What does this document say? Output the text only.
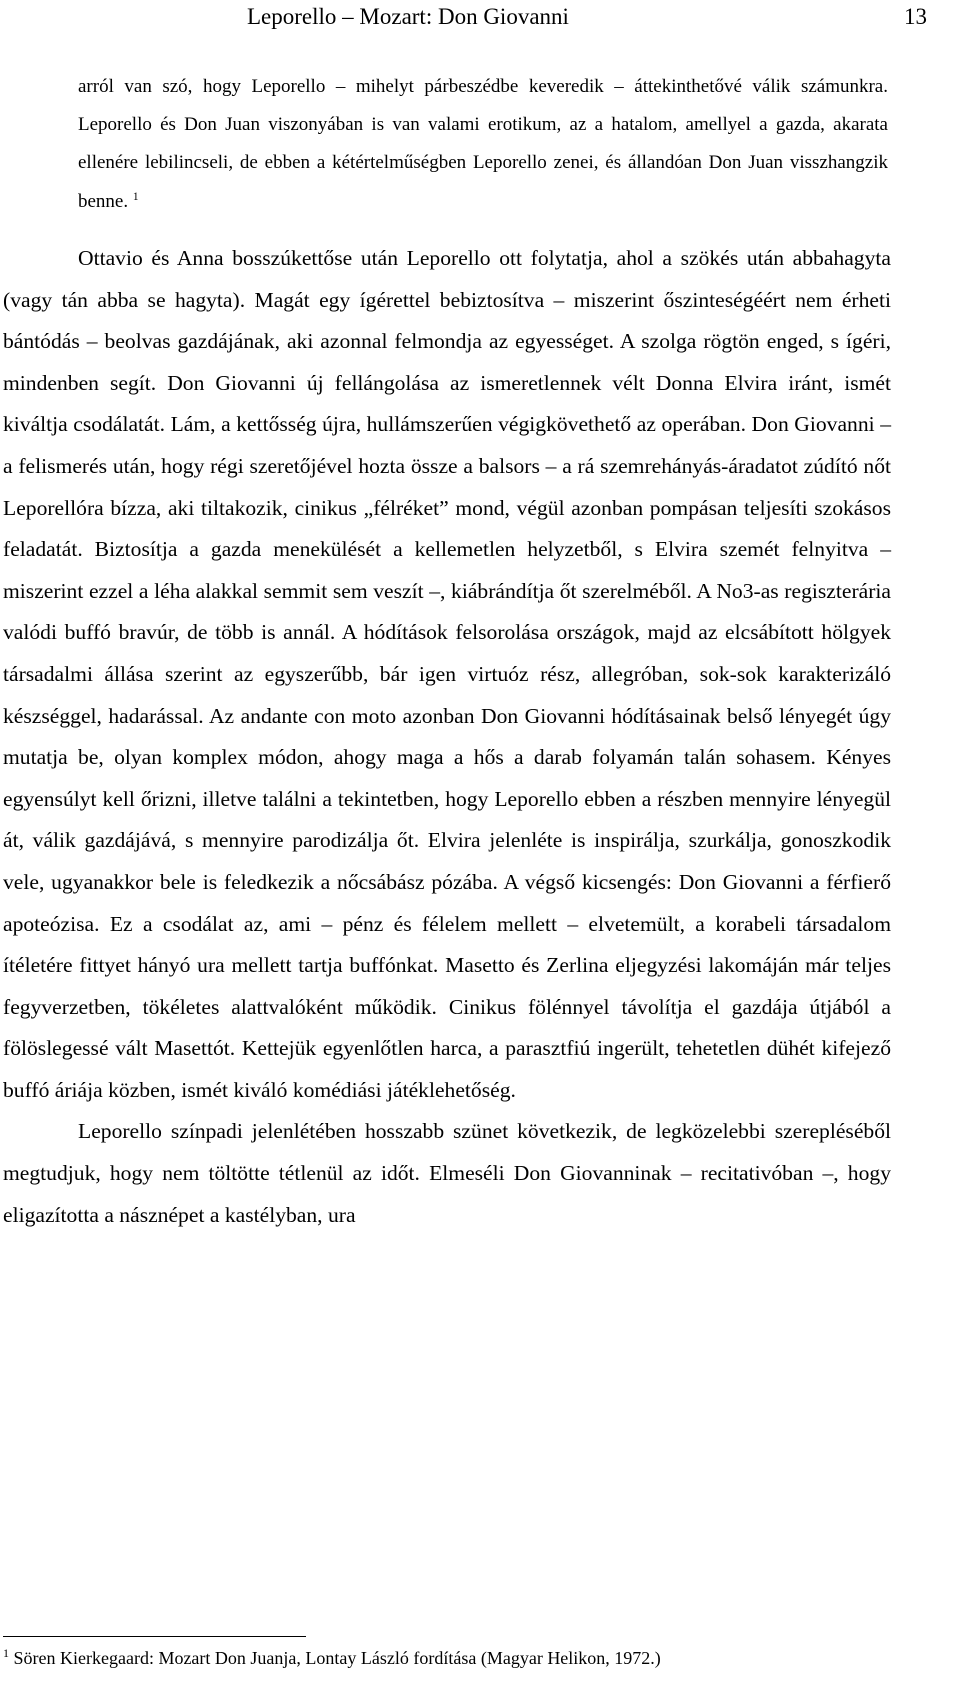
Leporello – Mozart: Don Giovanni	13
arról van szó, hogy Leporello – mihelyt párbeszédbe keveredik – áttekinthetővé válik számunkra. Leporello és Don Juan viszonyában is van valami erotikum, az a hatalom, amellyel a gazda, akarata ellenére lebilincseli, de ebben a kétértelműségben Leporello zenei, és állandóan Don Juan visszhangzik benne. $^1$

Ottavio és Anna bosszúkettőse után Leporello ott folytatja, ahol a szökés után abbahagyta (vagy tán abba se hagyta). Magát egy ígérettel bebiztosítva – miszerint őszinteségéért nem érheti bántódás – beolvas gazdájának, aki azonnal felmondja az egyességet. A szolga rögtön enged, s ígéri, mindenben segít. Don Giovanni új fellángolása az ismeretlennek vélt Donna Elvira iránt, ismét kiváltja csodálatát. Lám, a kettősség újra, hullámszerűen végigkövethető az operában. Don Giovanni – a felismerés után, hogy régi szeretőjével hozta össze a balsors – a rá szemrehányás-áradatot zúdító nőt Leporellóra bízza, aki tiltakozik, cinikus „félréket” mond, végül azonban pompásan teljesíti szokásos feladatát. Biztosítja a gazda menekülését a kellemetlen helyzetből, s Elvira szemét felnyitva – miszerint ezzel a léha alakkal semmit sem veszít –, kiábrándítja őt szerelméből. A No3-as regiszterária valódi buffó bravúr, de több is annál. A hódítások felsorolása országok, majd az elcsábított hölgyek társadalmi állása szerint az egyszerűbb, bár igen virtuóz rész, allegróban, sok-sok karakterizáló készséggel, hadarással. Az andante con moto azonban Don Giovanni hódításainak belső lényegét úgy mutatja be, olyan komplex módon, ahogy maga a hős a darab folyamán talán sohasem. Kényes egyensúlyt kell őrizni, illetve találni a tekintetben, hogy Leporello ebben a részben mennyire lényegül át, válik gazdájává, s mennyire parodizálja őt. Elvira jelenléte is inspirálja, szurkálja, gonoszkodik vele, ugyanakkor bele is feledkezik a nőcsábász pózába. A végső kicsengés: Don Giovanni a férfierő apoteózisa. Ez a csodálat az, ami – pénz és félelem mellett – elvetemült, a korabeli társadalom ítéletére fittyet hányó ura mellett tartja buffónkat. Masetto és Zerlina eljegyzési lakomáján már teljes fegyverzetben, tökéletes alattvalóként működik. Cinikus fölénnyel távolítja el gazdája útjából a fölöslegessé vált Masettót. Kettejük egyenlőtlen harca, a parasztfiú ingerült, tehetetlen dühét kifejező buffó áriája közben, ismét kiváló komédiási játéklehetőség.

Leporello színpadi jelenlétében hosszabb szünet következik, de legközelebbi szerepléséből megtudjuk, hogy nem töltötte tétlenül az időt. Elmeséli Don Giovanninak – recitativóban –, hogy eligazította a násznépet a kastélyban, ura

$^1$ Sören Kierkegaard: Mozart Don Juanja, Lontay László fordítása (Magyar Helikon, 1972.)
